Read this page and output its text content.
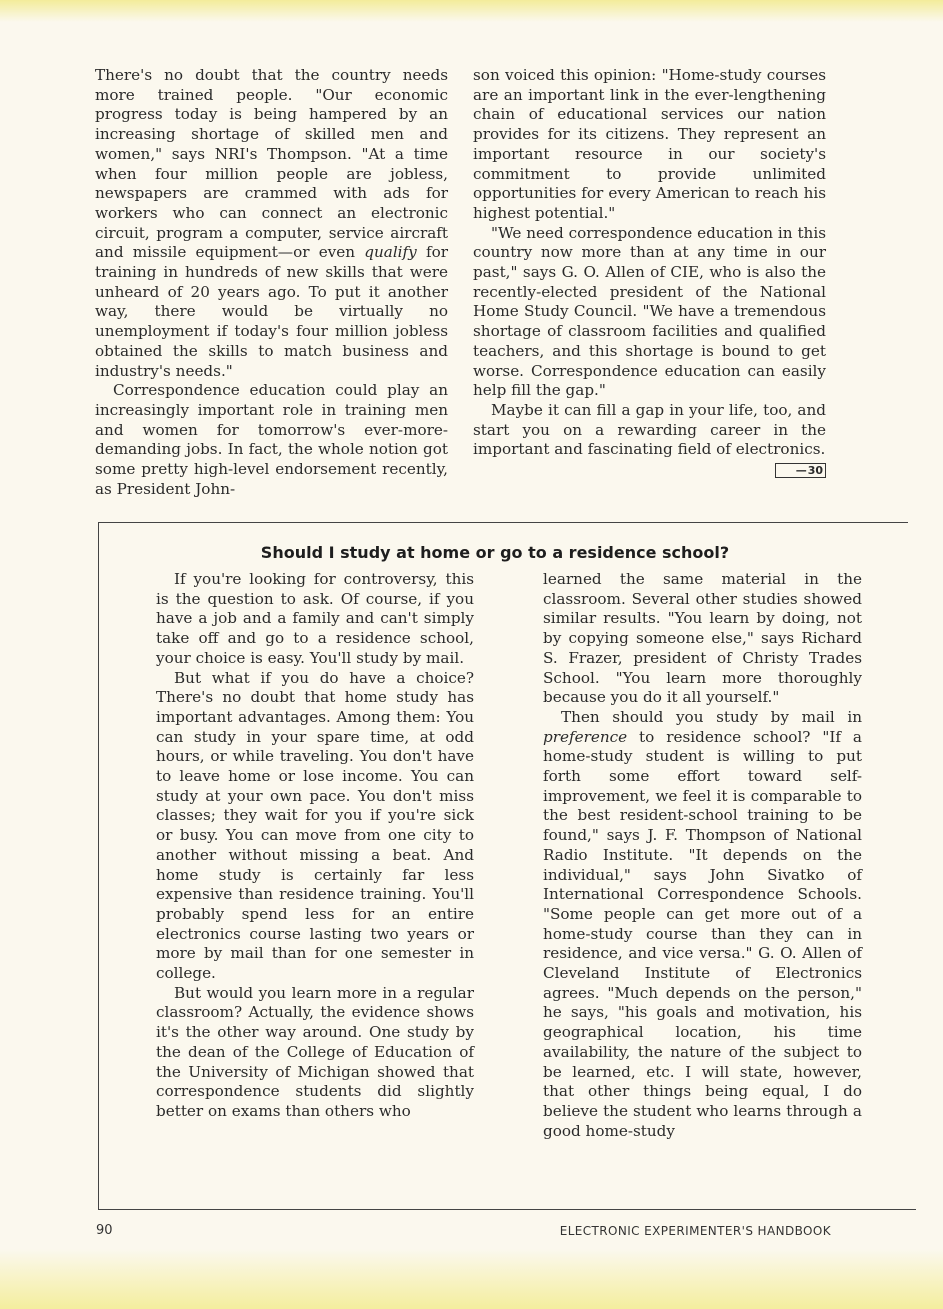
There's no doubt that the country needs more trained people. "Our economic progress today is being hampered by an increasing shortage of skilled men and women," says NRI's Thompson. "At a time when four million people are jobless, newspapers are crammed with ads for workers who can connect an electronic circuit, program a computer, service aircraft and missile equipment—or even qualify for training in hundreds of new skills that were unheard of 20 years ago. To put it another way, there would be virtually no unemployment if today's four million jobless obtained the skills to match business and industry's needs."

Correspondence education could play an increasingly important role in training men and women for tomorrow's ever-more-demanding jobs. In fact, the whole notion got some pretty high-level endorsement recently, as President John-

son voiced this opinion: "Home-study courses are an important link in the ever-lengthening chain of educational services our nation provides for its citizens. They represent an important resource in our society's commitment to provide unlimited opportunities for every American to reach his highest potential."

"We need correspondence education in this country now more than at any time in our past," says G. O. Allen of CIE, who is also the recently-elected president of the National Home Study Council. "We have a tremendous shortage of classroom facilities and qualified teachers, and this shortage is bound to get worse. Correspondence education can easily help fill the gap."

Maybe it can fill a gap in your life, too, and start you on a rewarding career in the important and fascinating field of electronics.
— 30

Should I study at home or go to a residence school?

If you're looking for controversy, this is the question to ask. Of course, if you have a job and a family and can't simply take off and go to a residence school, your choice is easy. You'll study by mail.

But what if you do have a choice? There's no doubt that home study has important advantages. Among them: You can study in your spare time, at odd hours, or while traveling. You don't have to leave home or lose income. You can study at your own pace. You don't miss classes; they wait for you if you're sick or busy. You can move from one city to another without missing a beat. And home study is certainly far less expensive than residence training. You'll probably spend less for an entire electronics course lasting two years or more by mail than for one semester in college.

But would you learn more in a regular classroom? Actually, the evidence shows it's the other way around. One study by the dean of the College of Education of the University of Michigan showed that correspondence students did slightly better on exams than others who

learned the same material in the classroom. Several other studies showed similar results. "You learn by doing, not by copying someone else," says Richard S. Frazer, president of Christy Trades School. "You learn more thoroughly because you do it all yourself."

Then should you study by mail in preference to residence school? "If a home-study student is willing to put forth some effort toward self-improvement, we feel it is comparable to the best resident-school training to be found," says J. F. Thompson of National Radio Institute. "It depends on the individual," says John Sivatko of International Correspondence Schools. "Some people can get more out of a home-study course than they can in residence, and vice versa." G. O. Allen of Cleveland Institute of Electronics agrees. "Much depends on the person," he says, "his goals and motivation, his geographical location, his time availability, the nature of the subject to be learned, etc. I will state, however, that other things being equal, I do believe the student who learns through a good home-study

90	ELECTRONIC EXPERIMENTER'S HANDBOOK
